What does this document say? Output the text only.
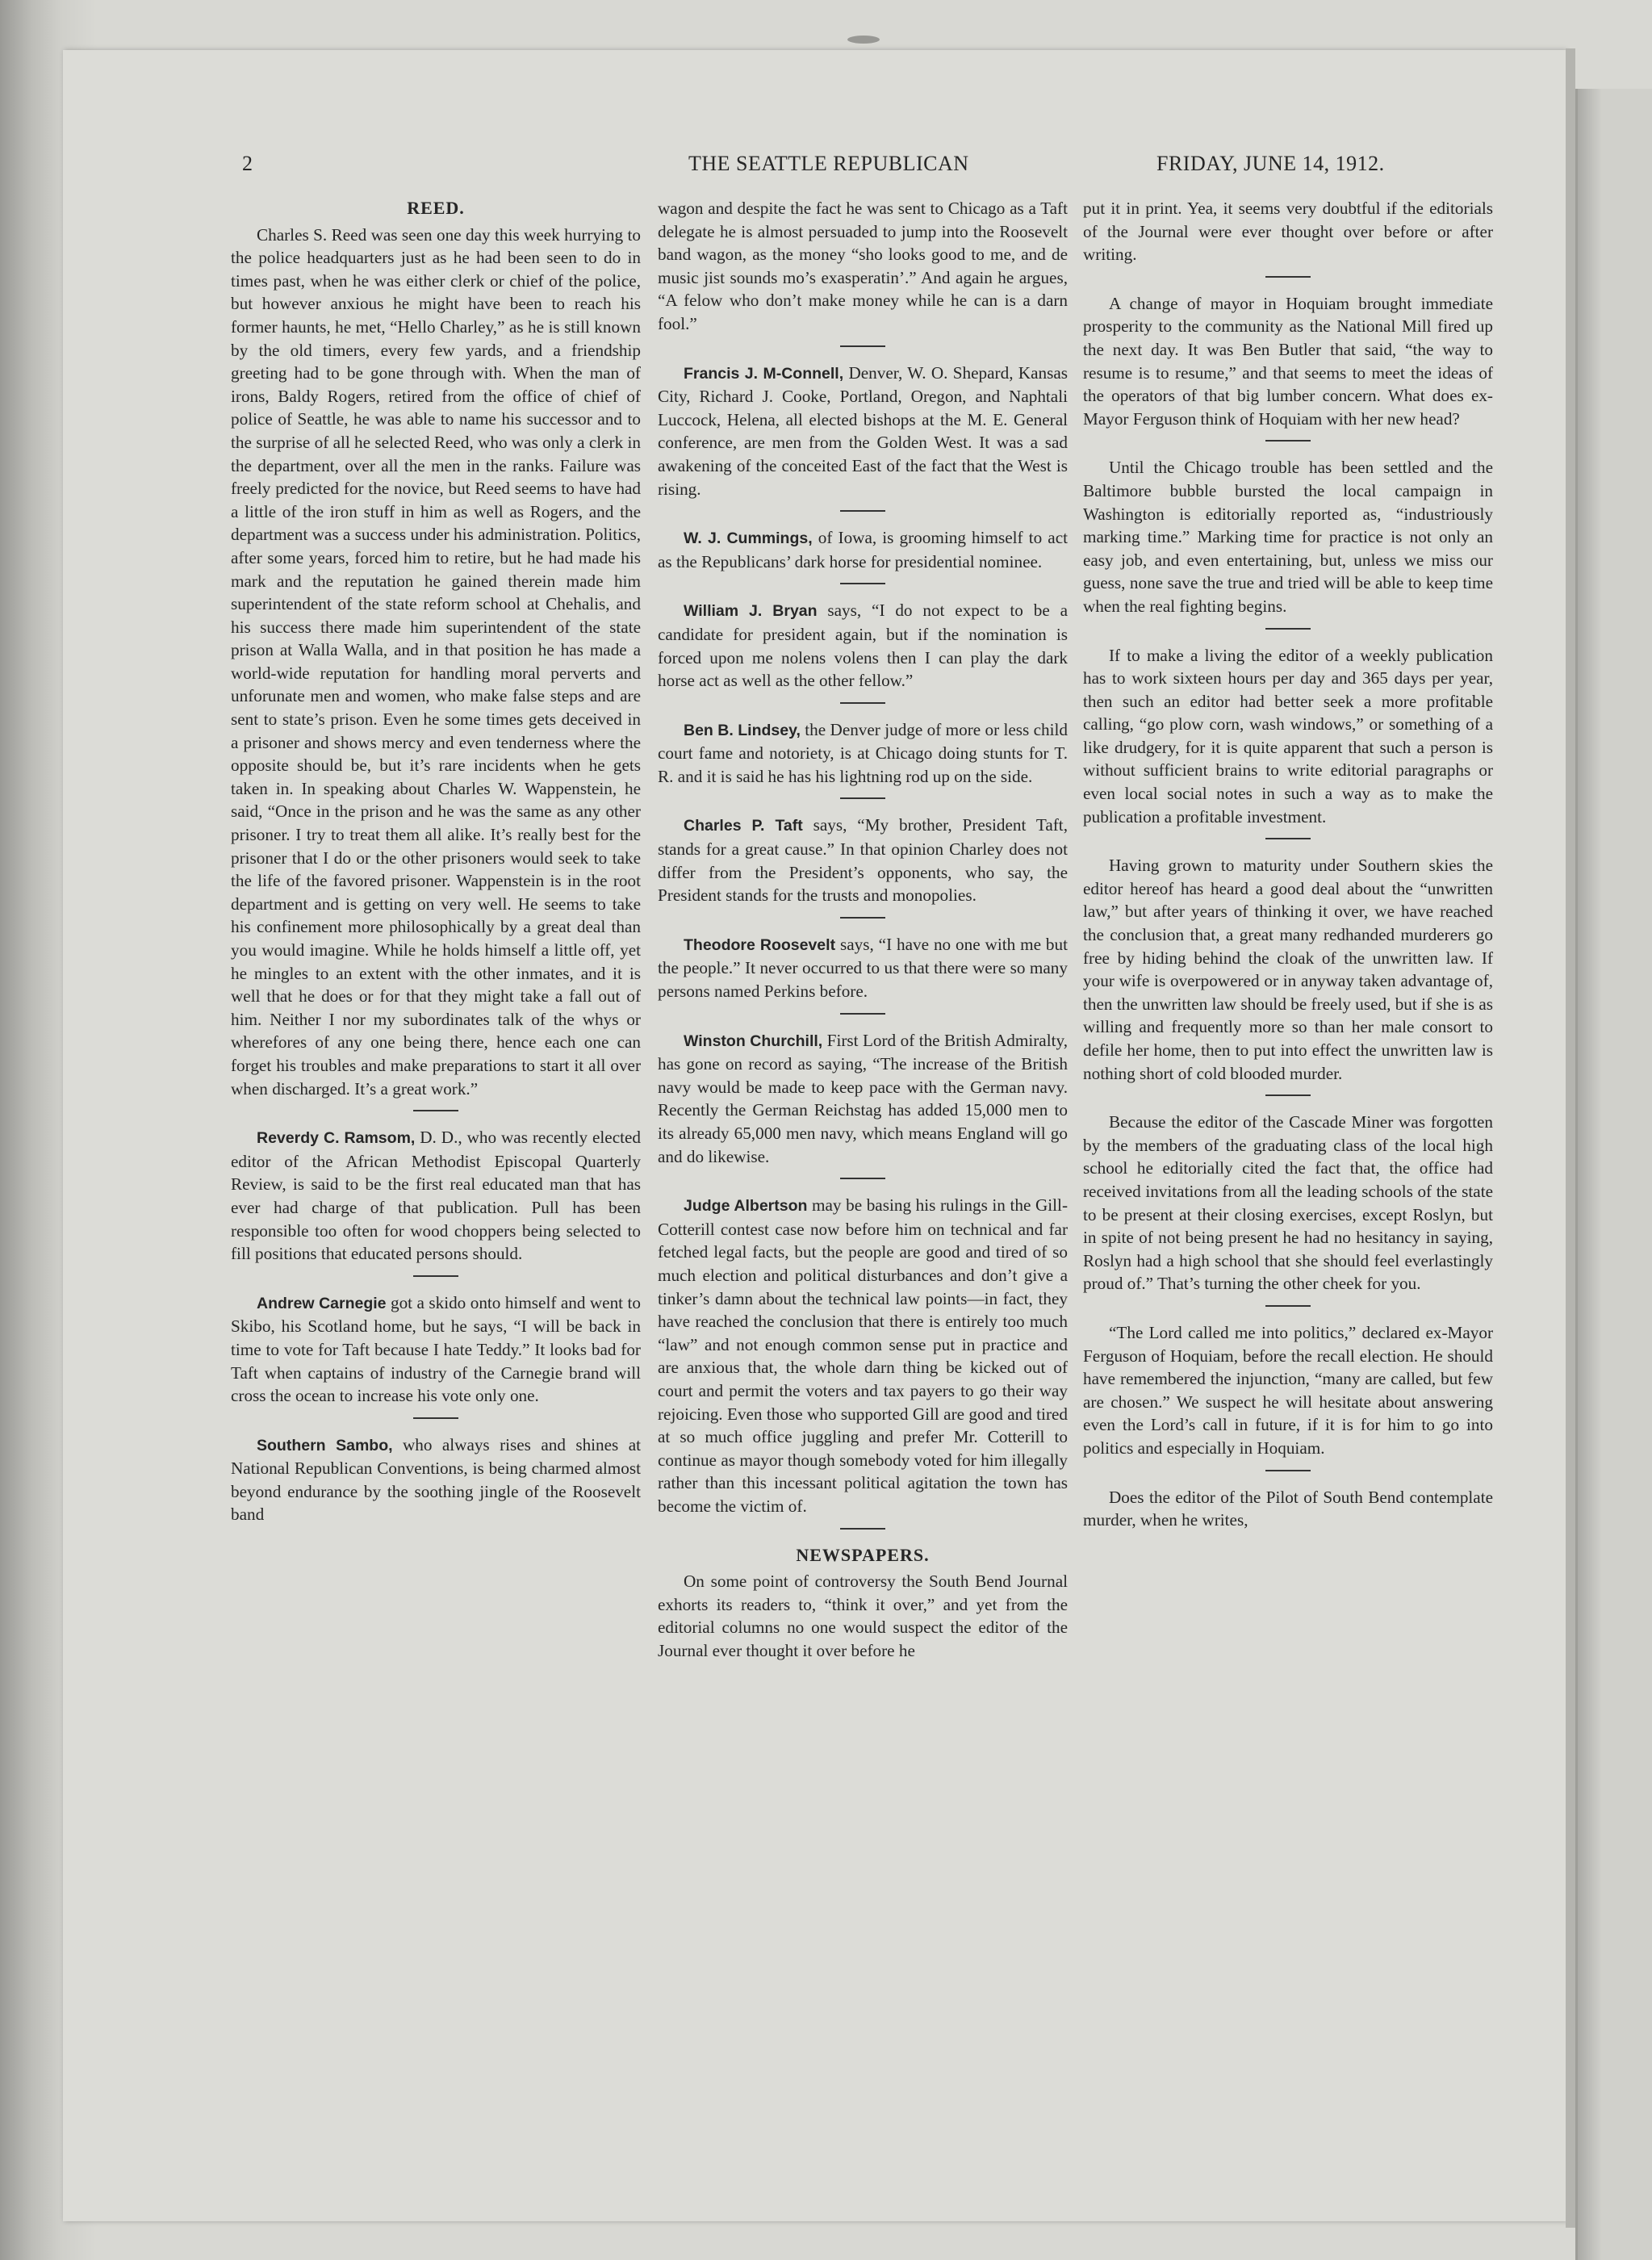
2	THE SEATTLE REPUBLICAN	FRIDAY, JUNE 14, 1912.
REED.

Charles S. Reed was seen one day this week hurrying to the police headquarters just as he had been seen to do in times past, when he was either clerk or chief of the police, but however anxious he might have been to reach his former haunts, he met, “Hello Charley,” as he is still known by the old timers, every few yards, and a friendship greeting had to be gone through with. When the man of irons, Baldy Rogers, retired from the office of chief of police of Seattle, he was able to name his successor and to the surprise of all he selected Reed, who was only a clerk in the department, over all the men in the ranks. Failure was freely predicted for the novice, but Reed seems to have had a little of the iron stuff in him as well as Rogers, and the department was a success under his administration. Politics, after some years, forced him to retire, but he had made his mark and the reputation he gained therein made him superintendent of the state reform school at Chehalis, and his success there made him superintendent of the state prison at Walla Walla, and in that position he has made a world-wide reputation for handling moral perverts and unforunate men and women, who make false steps and are sent to state’s prison. Even he some times gets deceived in a prisoner and shows mercy and even tenderness where the opposite should be, but it’s rare incidents when he gets taken in. In speaking about Charles W. Wappenstein, he said, “Once in the prison and he was the same as any other prisoner. I try to treat them all alike. It’s really best for the prisoner that I do or the other prisoners would seek to take the life of the favored prisoner. Wappenstein is in the root department and is getting on very well. He seems to take his confinement more philosophically by a great deal than you would imagine. While he holds himself a little off, yet he mingles to an extent with the other inmates, and it is well that he does or for that they might take a fall out of him. Neither I nor my subordinates talk of the whys or wherefores of any one being there, hence each one can forget his troubles and make preparations to start it all over when discharged. It’s a great work.”

Reverdy C. Ramsom, D. D., who was recently elected editor of the African Methodist Episcopal Quarterly Review, is said to be the first real educated man that has ever had charge of that publication. Pull has been responsible too often for wood choppers being selected to fill positions that educated persons should.

Andrew Carnegie got a skido onto himself and went to Skibo, his Scotland home, but he says, “I will be back in time to vote for Taft because I hate Teddy.” It looks bad for Taft when captains of industry of the Carnegie brand will cross the ocean to increase his vote only one.

Southern Sambo, who always rises and shines at National Republican Conventions, is being charmed almost beyond endurance by the soothing jingle of the Roosevelt band

wagon and despite the fact he was sent to Chicago as a Taft delegate he is almost persuaded to jump into the Roosevelt band wagon, as the money “sho looks good to me, and de music jist sounds mo’s exasperatin’.” And again he argues, “A felow who don’t make money while he can is a darn fool.”

Francis J. M-Connell, Denver, W. O. Shepard, Kansas City, Richard J. Cooke, Portland, Oregon, and Naphtali Luccock, Helena, all elected bishops at the M. E. General conference, are men from the Golden West. It was a sad awakening of the conceited East of the fact that the West is rising.

W. J. Cummings, of Iowa, is grooming himself to act as the Republicans’ dark horse for presidential nominee.

William J. Bryan says, “I do not expect to be a candidate for president again, but if the nomination is forced upon me nolens volens then I can play the dark horse act as well as the other fellow.”

Ben B. Lindsey, the Denver judge of more or less child court fame and notoriety, is at Chicago doing stunts for T. R. and it is said he has his lightning rod up on the side.

Charles P. Taft says, “My brother, President Taft, stands for a great cause.” In that opinion Charley does not differ from the President’s opponents, who say, the President stands for the trusts and monopolies.

Theodore Roosevelt says, “I have no one with me but the people.” It never occurred to us that there were so many persons named Perkins before.

Winston Churchill, First Lord of the British Admiralty, has gone on record as saying, “The increase of the British navy would be made to keep pace with the German navy. Recently the German Reichstag has added 15,000 men to its already 65,000 men navy, which means England will go and do likewise.

Judge Albertson may be basing his rulings in the Gill-Cotterill contest case now before him on technical and far fetched legal facts, but the people are good and tired of so much election and political disturbances and don’t give a tinker’s damn about the technical law points—in fact, they have reached the conclusion that there is entirely too much “law” and not enough common sense put in practice and are anxious that, the whole darn thing be kicked out of court and permit the voters and tax payers to go their way rejoicing. Even those who supported Gill are good and tired at so much office juggling and prefer Mr. Cotterill to continue as mayor though somebody voted for him illegally rather than this incessant political agitation the town has become the victim of.

NEWSPAPERS.

On some point of controversy the South Bend Journal exhorts its readers to, “think it over,” and yet from the editorial columns no one would suspect the editor of the Journal ever thought it over before he

put it in print. Yea, it seems very doubtful if the editorials of the Journal were ever thought over before or after writing.

A change of mayor in Hoquiam brought immediate prosperity to the community as the National Mill fired up the next day. It was Ben Butler that said, “the way to resume is to resume,” and that seems to meet the ideas of the operators of that big lumber concern. What does ex-Mayor Ferguson think of Hoquiam with her new head?

Until the Chicago trouble has been settled and the Baltimore bubble bursted the local campaign in Washington is editorially reported as, “industriously marking time.” Marking time for practice is not only an easy job, and even entertaining, but, unless we miss our guess, none save the true and tried will be able to keep time when the real fighting begins.

If to make a living the editor of a weekly publication has to work sixteen hours per day and 365 days per year, then such an editor had better seek a more profitable calling, “go plow corn, wash windows,” or something of a like drudgery, for it is quite apparent that such a person is without sufficient brains to write editorial paragraphs or even local social notes in such a way as to make the publication a profitable investment.

Having grown to maturity under Southern skies the editor hereof has heard a good deal about the “unwritten law,” but after years of thinking it over, we have reached the conclusion that, a great many redhanded murderers go free by hiding behind the cloak of the unwritten law. If your wife is overpowered or in anyway taken advantage of, then the unwritten law should be freely used, but if she is as willing and frequently more so than her male consort to defile her home, then to put into effect the unwritten law is nothing short of cold blooded murder.

Because the editor of the Cascade Miner was forgotten by the members of the graduating class of the local high school he editorially cited the fact that, the office had received invitations from all the leading schools of the state to be present at their closing exercises, except Roslyn, but in spite of not being present he had no hesitancy in saying, Roslyn had a high school that she should feel everlastingly proud of.” That’s turning the other cheek for you.

“The Lord called me into politics,” declared ex-Mayor Ferguson of Hoquiam, before the recall election. He should have remembered the injunction, “many are called, but few are chosen.” We suspect he will hesitate about answering even the Lord’s call in future, if it is for him to go into politics and especially in Hoquiam.

Does the editor of the Pilot of South Bend contemplate murder, when he writes,
